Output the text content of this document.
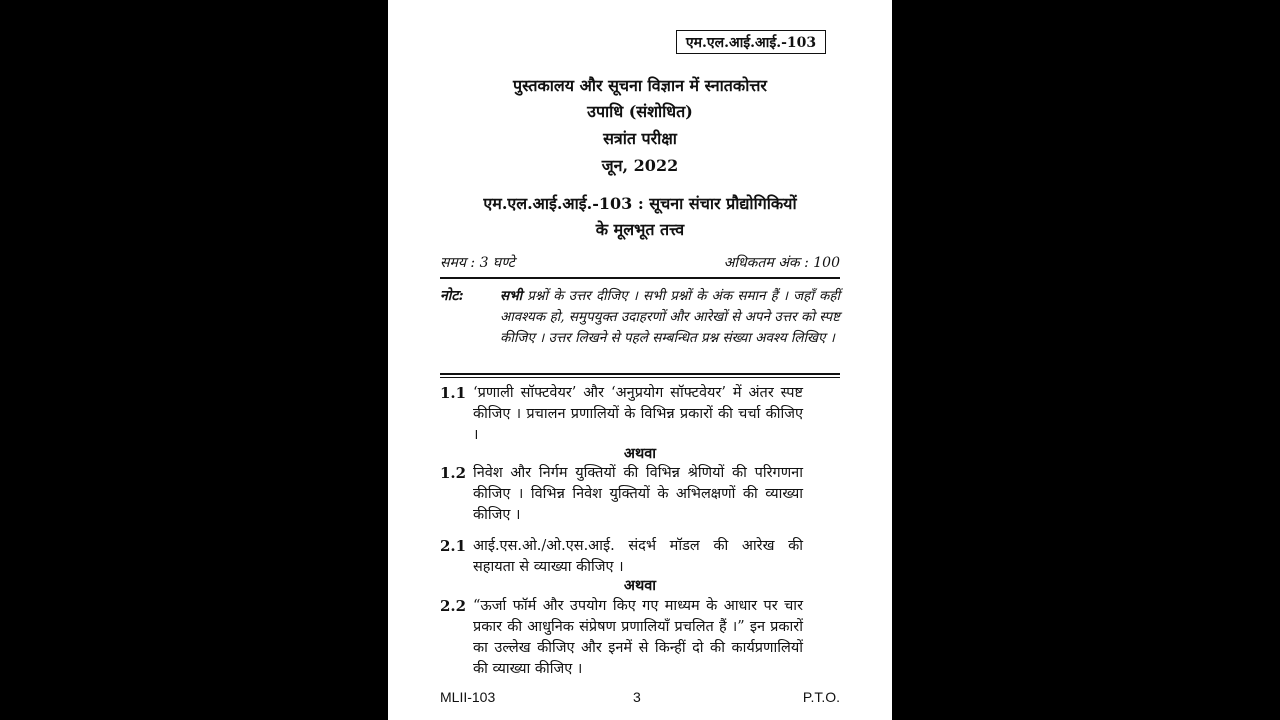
एम.एल.आई.आई.-103
पुस्तकालय और सूचना विज्ञान में स्नातकोत्तर
उपाधि (संशोधित)
सत्रांत परीक्षा
जून, 2022
एम.एल.आई.आई.-103 : सूचना संचार प्रौद्योगिकियों
के मूलभूत तत्त्व
समय : 3 घण्टे	अधिकतम अंक : 100
नोट:	सभी प्रश्नों के उत्तर दीजिए । सभी प्रश्नों के अंक समान हैं । जहाँ कहीं आवश्यक हो, समुपयुक्त उदाहरणों और आरेखों से अपने उत्तर को स्पष्ट कीजिए । उत्तर लिखने से पहले सम्बन्धित प्रश्न संख्या अवश्य लिखिए ।
1.1 ‘प्रणाली सॉफ्टवेयर’ और ‘अनुप्रयोग सॉफ्टवेयर’ में अंतर स्पष्ट कीजिए । प्रचालन प्रणालियों के विभिन्न प्रकारों की चर्चा कीजिए ।
अथवा
1.2 निवेश और निर्गम युक्तियों की विभिन्न श्रेणियों की परिगणना कीजिए । विभिन्न निवेश युक्तियों के अभिलक्षणों की व्याख्या कीजिए ।
2.1 आई.एस.ओ./ओ.एस.आई. संदर्भ मॉडल की आरेख की सहायता से व्याख्या कीजिए ।
अथवा
2.2 “ऊर्जा फॉर्म और उपयोग किए गए माध्यम के आधार पर चार प्रकार की आधुनिक संप्रेषण प्रणालियाँ प्रचलित हैं ।” इन प्रकारों का उल्लेख कीजिए और इनमें से किन्हीं दो की कार्यप्रणालियों की व्याख्या कीजिए ।
MLII-103	3	P.T.O.
